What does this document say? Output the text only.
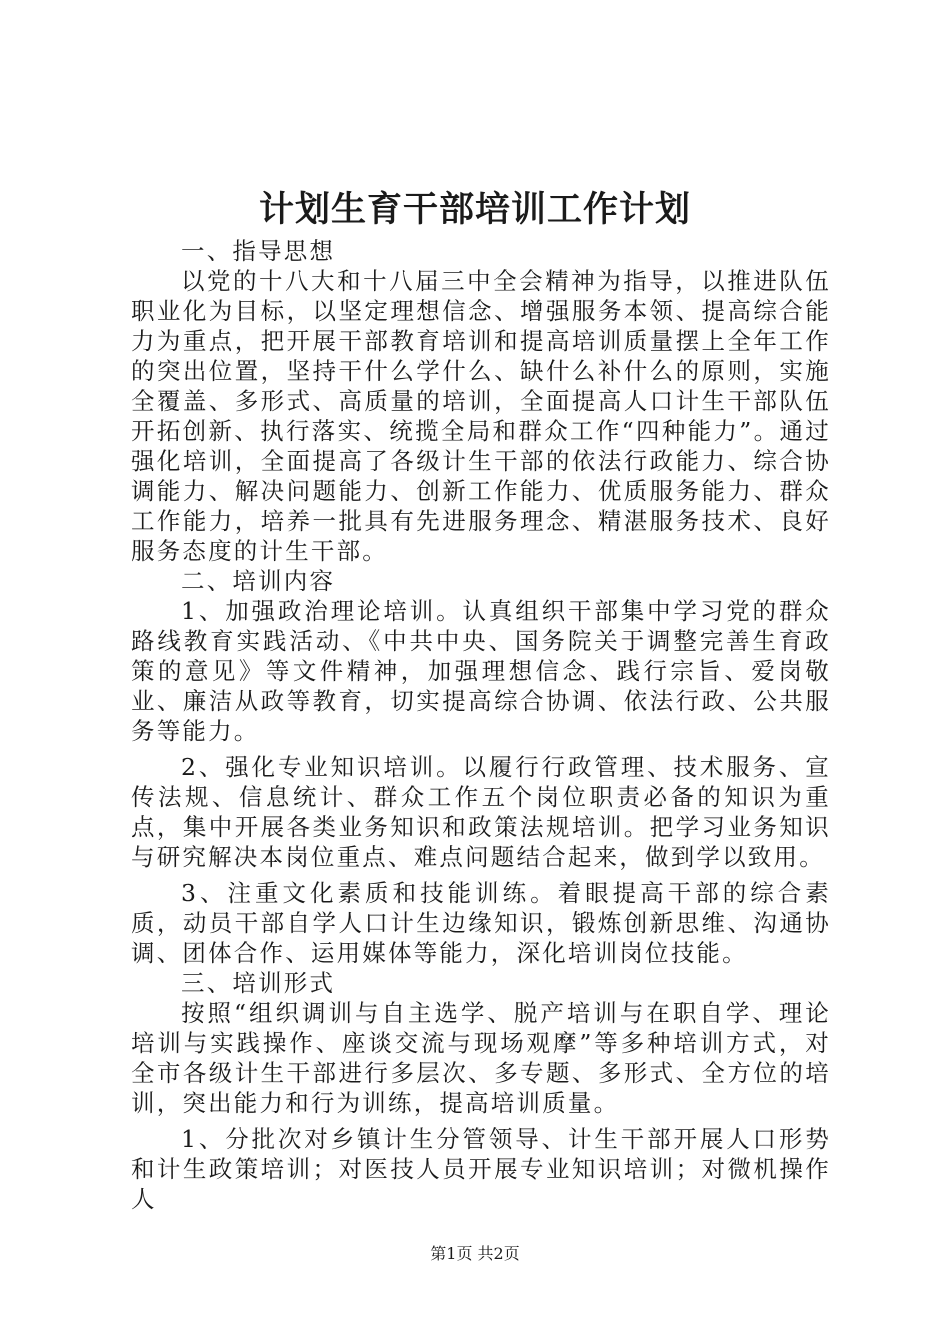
计划生育干部培训工作计划

一、指导思想

以党的十八大和十八届三中全会精神为指导，以推进队伍职业化为目标，以坚定理想信念、增强服务本领、提高综合能力为重点，把开展干部教育培训和提高培训质量摆上全年工作的突出位置，坚持干什么学什么、缺什么补什么的原则，实施全覆盖、多形式、高质量的培训，全面提高人口计生干部队伍开拓创新、执行落实、统揽全局和群众工作“四种能力”。通过强化培训，全面提高了各级计生干部的依法行政能力、综合协调能力、解决问题能力、创新工作能力、优质服务能力、群众工作能力，培养一批具有先进服务理念、精湛服务技术、良好服务态度的计生干部。

二、培训内容

1、加强政治理论培训。认真组织干部集中学习党的群众路线教育实践活动、《中共中央、国务院关于调整完善生育政策的意见》等文件精神，加强理想信念、践行宗旨、爱岗敬业、廉洁从政等教育，切实提高综合协调、依法行政、公共服务等能力。

2、强化专业知识培训。以履行行政管理、技术服务、宣传法规、信息统计、群众工作五个岗位职责必备的知识为重点，集中开展各类业务知识和政策法规培训。把学习业务知识与研究解决本岗位重点、难点问题结合起来，做到学以致用。

3、注重文化素质和技能训练。着眼提高干部的综合素质，动员干部自学人口计生边缘知识，锻炼创新思维、沟通协调、团体合作、运用媒体等能力，深化培训岗位技能。

三、培训形式

按照“组织调训与自主选学、脱产培训与在职自学、理论培训与实践操作、座谈交流与现场观摩”等多种培训方式，对全市各级计生干部进行多层次、多专题、多形式、全方位的培训，突出能力和行为训练，提高培训质量。

1、分批次对乡镇计生分管领导、计生干部开展人口形势和计生政策培训；对医技人员开展专业知识培训；对微机操作人

第1页 共2页
